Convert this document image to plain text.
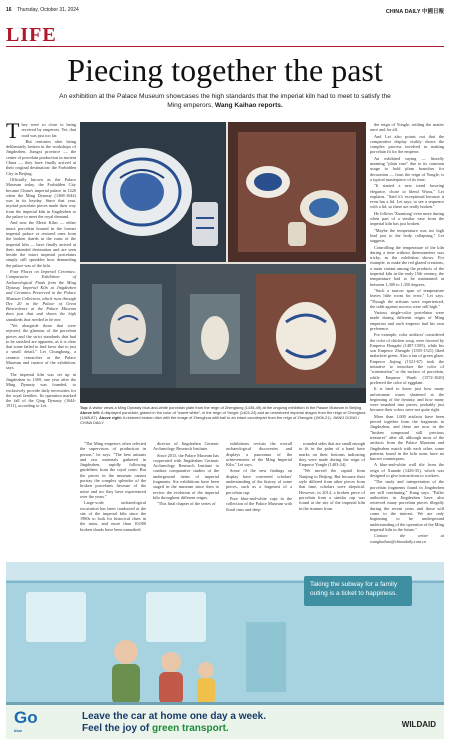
16 Thursday, October 31, 2024	CHINA DAILY 中國日報
LIFE
Piecing together the past
An exhibition at the Palace Museum showcases the high standards that the imperial kiln had to meet to satisfy the Ming emperors, Wang Kaihao reports.

They were so close to being received by emperors. Yet, that road was just too far.

But centuries after being deliberately broken in the workshops of Jingdezhen, Jiangxi province — the center of porcelain production in ancient China — they have finally arrived at their original destination: the Forbidden City in Beijing.

Officially known as the Palace Museum today, the Forbidden City became China's imperial palace in 1420 when the Ming Dynasty (1368-1644) was in its heyday. Since that year, myriad porcelain pieces made their way from the imperial kiln in Jingdezhen to the palace to meet the royal demand.

And now the Meixi Kilns — either intact porcelain housed in the former imperial palace or restored ones from the broken shards in the ruins of the imperial kiln — have finally arrived at their intended destination and are seen beside the intact imperial porcelains simply still sprinkles how demanding the palace was of the kiln.

Four Places on Imperial Ceramics: Comparative Exhibition of Archaeological Finds from the Ming Dynasty Imperial Kiln at Jingdezhen and Ceramics Preserved in the Palace Museum Collection, which runs through Dec 20 in the Palace of Great Benevolence at the Palace Museum does just that and shows the high standards that needed to be met.

"Yet alongside those that were rejected, the glamour of the porcelain pieces and the strict standards that had to be satisfied are apparent, as it is clear that some failed to find favor due to just a small detail," Lei Chunghong, a ceramic researcher at the Palace Museum and curator of the exhibition, says.

The imperial kiln was set up in Jingdezhen in 1369, one year after the Ming Dynasty was founded, to exclusively provide daily necessities for the royal families. Its operation marked the fall of the Qing Dynasty (1644-1911), according to Lei.	Top: A visitor views a Ming Dynasty blue-and-white porcelain plate from the reign of Zhengtong (1436-49) at the ongoing exhibition in the Palace Museum in Beijing. Above left: A displayed porcelain, glazed in the color of "sweet white", in the reign of Yongle (1403-24) and an unrestored imperial dragon from the reign of Chenghua (1465-87). Above right: A restored broken dish with the image of Zhenghua with ball to an intact counterpart from the reign of Zhengde (1506-21). JIANG DONG / CHINA DAILY

"The Ming emperors often selected the supervisors of production in person," he says. "The best artisans and raw materials gathered in Jingdezhen, rapidly following guidelines from the royal court. But the pieces in the museum cannot portray the complex splendor of the broken porcelains because of the noise and too they have experienced over the years."

Large-scale archaeological excavation has been conducted at the site of the imperial kiln since the 1980s to look for historical clues in the ruins, and more than 10,000 broken shards have been unearthed.

director of Jingdezhen Ceramic Archaeology Research Institute.

Since 2015, the Palace Museum has cooperated with Jingdezhen Ceramic Archaeology Research Institute to conduct comparative studies of the underground items of imperial fragments. Six exhibitions have been staged in the museum since then to review the evolution of the imperial kiln throughout different reigns.

"This final chapter of the series of

exhibitions revisits the overall archaeological discoveries and displays a panorama of the achievements of the Ming Imperial Kiln," Lei says.

Some of the new findings on display have converted scholars' understanding of the history of some pieces, such as a fragment of a porcelain cup.

Pure blue-and-white cups in the collection of the Palace Museum with floral rims and deep

rounded sides that are small enough to fit in the palm of a hand have marks on their bottoms indicating they were made during the reign of Emperor Yongle (1403-24).

"We moved the capital from Nanjing to Beijing. But because their style differed from other pieces from that time, scholars were skeptical. However, in 2014, a broken piece of porcelain from a similar cup was found at the site of the imperial kiln in the stratum from

the reign of Yongle, settling the matter once and for all.

And Lei also points out that the comparative display visibly shows the complex process involved in making porcelain fit for the emperor.

An exhibited saying — literally meaning "plain vase" due to its common usage to hold plum branches for decoration — from the reign of Yongle, is a typical masterpiece of its time.

"It started a new trend favoring elegance, chose to blend Wuxu," Lei explains. "Said it's exceptional because it even has a lid. Lei says, to see a sequence with a lid, so these are really broken."

He follows 'Xuantong' even more during when part of a similar vase from the imperial kiln has just broken.

"Maybe the temperature was too high lead just to the body collapsing," Lei suggests.

Controlling the temperature of the kiln during a time without thermometers was tricky, as the exhibition shows. For example, to make the red glazed creations, a main variant among the products of the imperial kiln in the early 15th century, the temperature had to be maintained at between 1,300 to 1,350 degrees.

"Such a narrow span of temperature leaves little room for error," Lei says. "Though the artisans were experienced, the odds against success were still high."

Various single-color porcelains were made during different reigns of Ming emperors and each emperor had his own preference.

For example, color artifacts' considered the color of chicken soup, were favored by Emperor Hongzhi (1487-1505), while his son Emperor Zhengde (1505-1521) liked malachite green. Also a fan of green glaze, Emperor Jiajing (1521-67) took the initiative to introduce the color of "watermelon" to the surface of porcelain, while Emperor Wanli (1572-1620) preferred the color of eggplant.

It is hard to know just how many unfortunate wares shattered at the beginning of the dynasty, and how many were smashed into pieces, probably just because their colors were not quite right.

More than 1,600 artifacts have been pieced together from the fragments in Jingdezhen, and these are now in the "broken compound still precious treasures" after all, although most of the artifacts from the Palace Museum and Jingdezhen match with each other, some patterns found in the kiln ruins have no known counterparts.

A blue-and-white wall tile from the reign of Xuande (1426-35), which was designed to give instructions to workers.

"The study and interpretation of the porcelain fragments found in Jingdezhen are still continuing," Kang says. "Fuller authorities in Jingdezhen have also retrieved many porcelain pieces illegally during the recent years and those will come to the interest. We are only beginning to be underground understanding of the operation of the Ming imperial kiln in the future."

Contact the writer at wangkaihao@chinadaily.com.cn

Taking the subway for a family outing is a ticket to happiness.
Go
blue
Leave the car at home one day a week.
Feel the joy of green transport.	WILDAID
